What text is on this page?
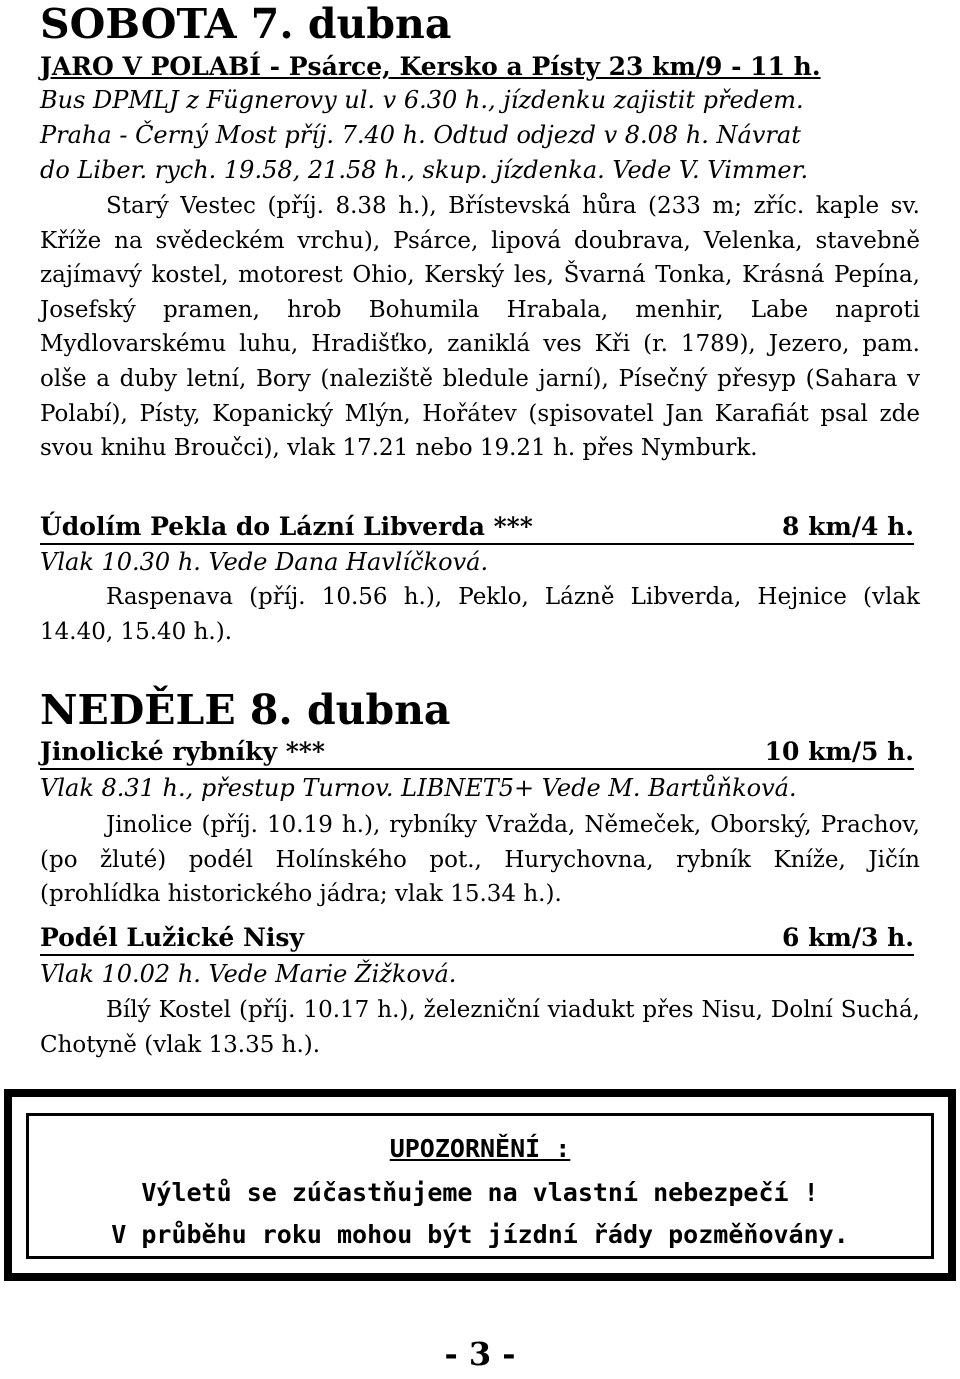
SOBOTA 7. dubna
JARO V POLABÍ - Psárce, Kersko a Písty 23 km/9 - 11 h.
Bus DPMLJ z Fügnerovy ul. v 6.30 h., jízdenku zajistit předem.
Praha - Černý Most příj. 7.40 h. Odtud odjezd v 8.08 h. Návrat
do Liber. rych. 19.58, 21.58 h., skup. jízdenka. Vede V. Vimmer.
Starý Vestec (příj. 8.38 h.), Břístevská hůra (233 m; zříc. kaple sv. Kříže na svědeckém vrchu), Psárce, lipová doubrava, Velenka, stavebně zajímavý kostel, motorest Ohio, Kerský les, Švarná Tonka, Krásná Pepína, Josefský pramen, hrob Bohumila Hrabala, menhir, Labe naproti Mydlovarskému luhu, Hradišťko, zaniklá ves Kři (r. 1789), Jezero, pam. olše a duby letní, Bory (naleziště bledule jarní), Písečný přesyp (Sahara v Polabí), Písty, Kopanický Mlýn, Hořátev (spisovatel Jan Karafiát psal zde svou knihu Broučci), vlak 17.21 nebo 19.21 h. přes Nymburk.
Údolím Pekla do Lázní Libverda ***	8 km/4 h.
Vlak 10.30 h. Vede Dana Havlíčková.
Raspenava (příj. 10.56 h.), Peklo, Lázně Libverda, Hejnice (vlak 14.40, 15.40 h.).
NEDĚLE 8. dubna
Jinolické rybníky ***	10 km/5 h.
Vlak 8.31 h., přestup Turnov. LIBNET5+ Vede M. Bartůňková.
Jinolice (příj. 10.19 h.), rybníky Vražda, Němeček, Oborský, Prachov, (po žluté) podél Holínského pot., Hurychovna, rybník Kníže, Jičín (prohlídka historického jádra; vlak 15.34 h.).
Podél Lužické Nisy	6 km/3 h.
Vlak 10.02 h. Vede Marie Žižková.
Bílý Kostel (příj. 10.17 h.), železniční viadukt přes Nisu, Dolní Suchá, Chotyně (vlak 13.35 h.).
UPOZORNĚNÍ :
Výletů se zúčastňujeme na vlastní nebezpečí !
V průběhu roku mohou být jízdní řády pozměňovány.
- 3 -
